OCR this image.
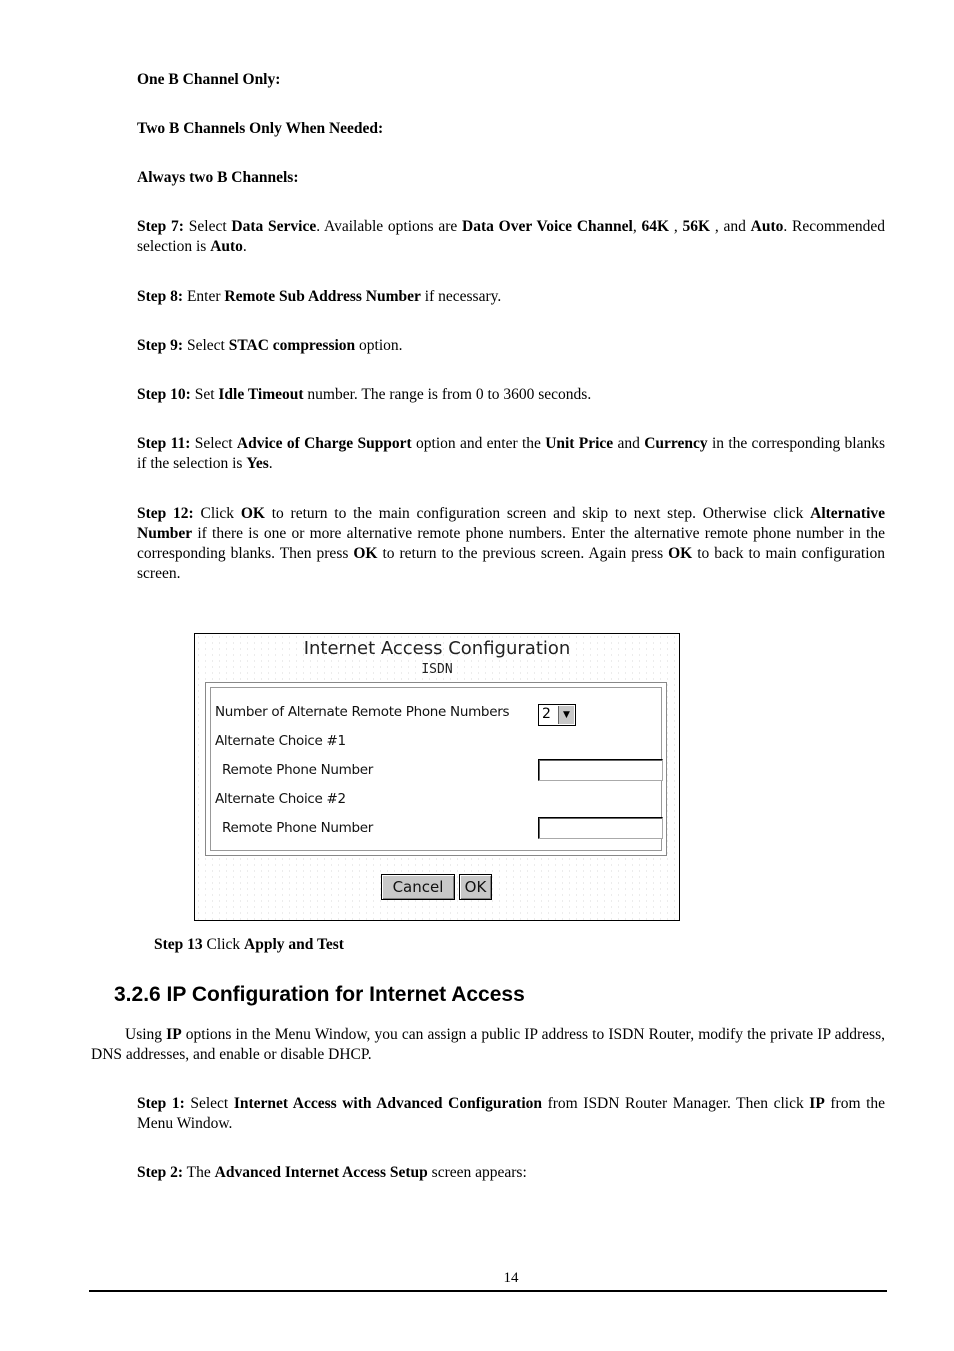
One B Channel Only:

Two B Channels Only When Needed:

Always two B Channels:

Step 7: Select Data Service. Available options are Data Over Voice Channel, 64K , 56K , and Auto. Recommended selection is Auto.

Step 8: Enter Remote Sub Address Number if necessary.

Step 9: Select STAC compression option.

Step 10: Set Idle Timeout number. The range is from 0 to 3600 seconds.

Step 11: Select Advice of Charge Support option and enter the Unit Price and Currency in the corresponding blanks if the selection is Yes.

Step 12: Click OK to return to the main configuration screen and skip to next step. Otherwise click Alternative Number if there is one or more alternative remote phone numbers. Enter the alternative remote phone number in the corresponding blanks. Then press OK to return to the previous screen. Again press OK to back to main configuration screen.

Internet Access Configuration
ISDN
Number of Alternate Remote Phone Numbers 2	▼
Alternate Choice #1
Remote Phone Number
Alternate Choice #2
Remote Phone Number
Cancel	OK

Step 13 Click Apply and Test

3.2.6 IP Configuration for Internet Access

Using IP options in the Menu Window, you can assign a public IP address to ISDN Router, modify the private IP address, DNS addresses, and enable or disable DHCP.

Step 1: Select Internet Access with Advanced Configuration from ISDN Router Manager. Then click IP from the Menu Window.

Step 2: The Advanced Internet Access Setup screen appears:

14
